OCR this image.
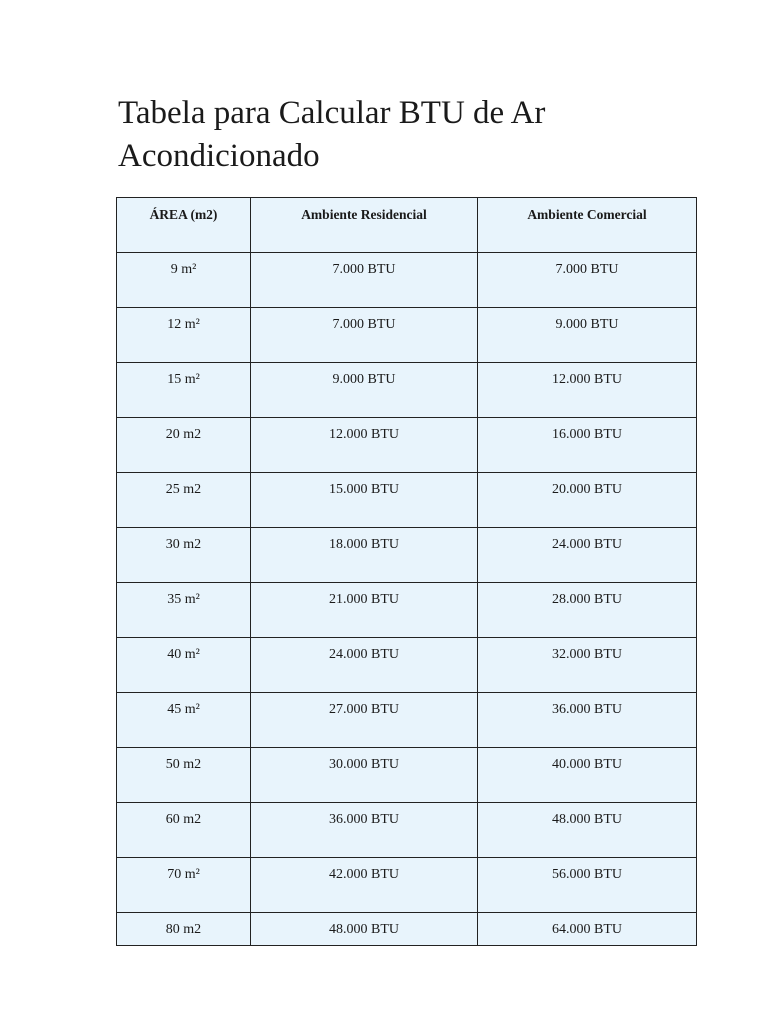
Tabela para Calcular BTU de Ar Acondicionado
ÁREA (m2)	Ambiente Residencial	Ambiente Comercial
9 m²	7.000 BTU	7.000 BTU
12 m²	7.000 BTU	9.000 BTU
15 m²	9.000 BTU	12.000 BTU
20 m2	12.000 BTU	16.000 BTU
25 m2	15.000 BTU	20.000 BTU
30 m2	18.000 BTU	24.000 BTU
35 m²	21.000 BTU	28.000 BTU
40 m²	24.000 BTU	32.000 BTU
45 m²	27.000 BTU	36.000 BTU
50 m2	30.000 BTU	40.000 BTU
60 m2	36.000 BTU	48.000 BTU
70 m²	42.000 BTU	56.000 BTU
80 m2	48.000 BTU	64.000 BTU
